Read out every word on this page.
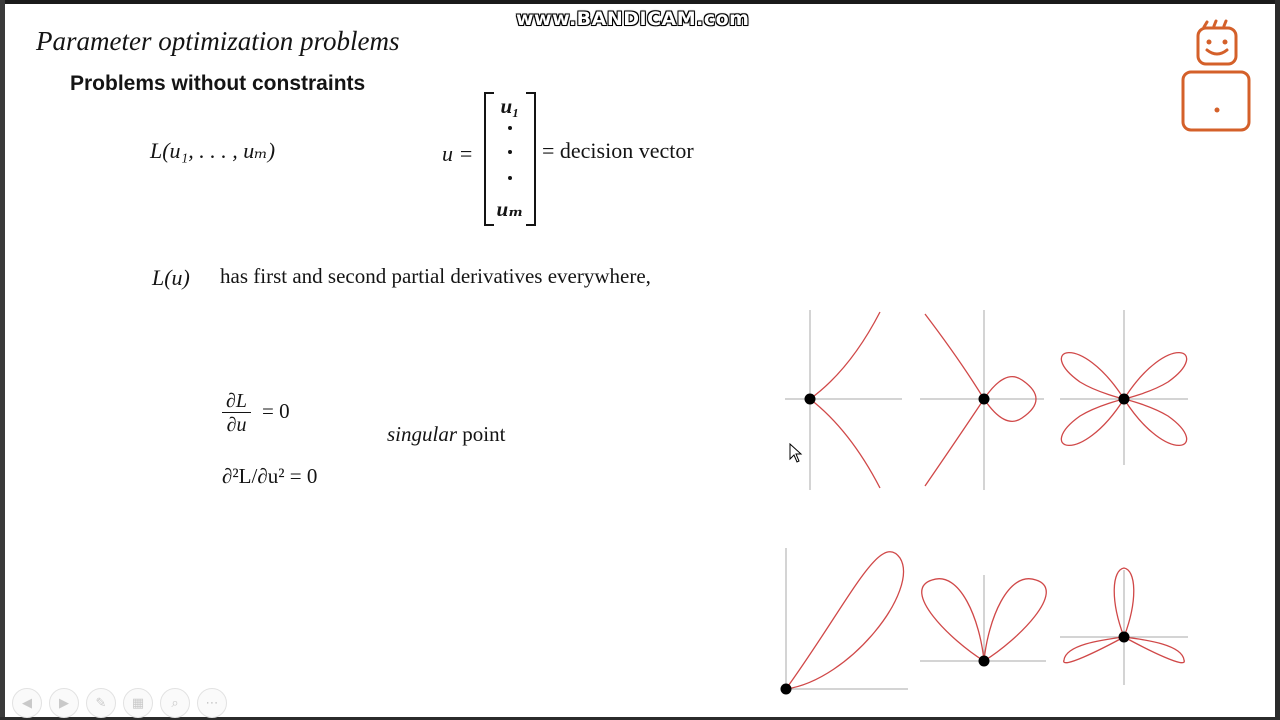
www.BANDICAM.com
Parameter optimization problems
Problems without constraints
L(u₁, . . . , uₘ)	u =
u₁
uₘ
= decision vector
L(u) has first and second partial derivatives everywhere,
$\frac{\partial L}{\partial u} = 0$
singular point
∂²L/∂u² = 0
◀	▶	✎	▦	⌕	⋯
